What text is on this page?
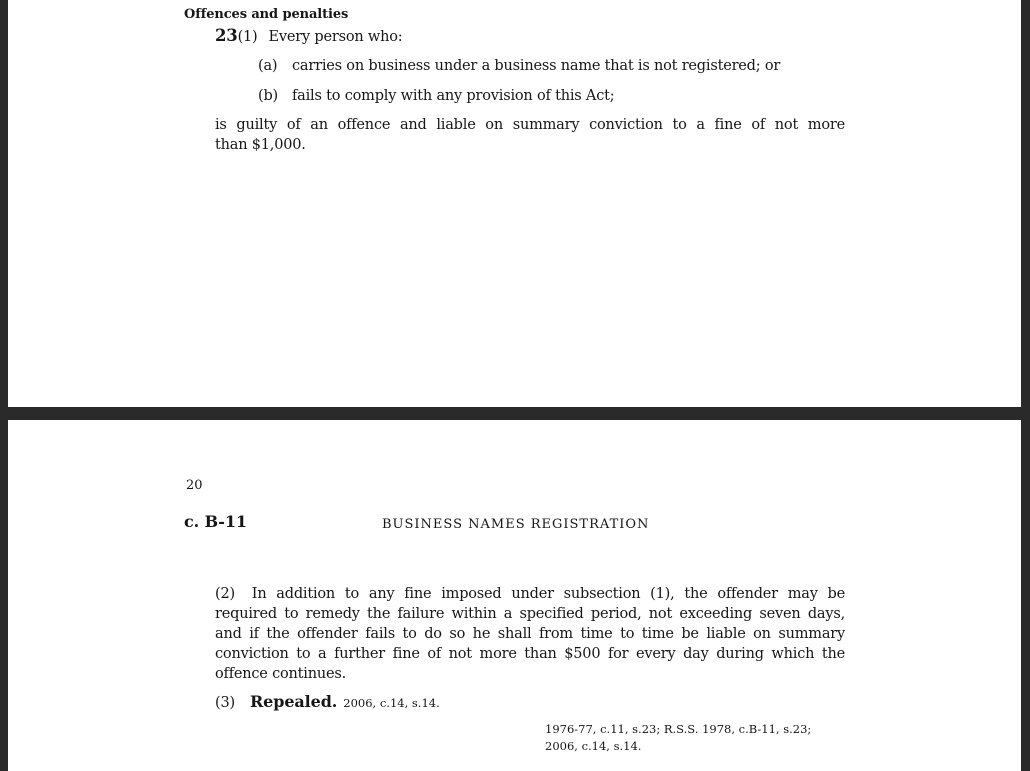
Offences and penalties
23(1) Every person who:
(a) carries on business under a business name that is not registered; or
(b) fails to comply with any provision of this Act;
is guilty of an offence and liable on summary conviction to a fine of not more
than $1,000.
20
c. B-11	BUSINESS NAMES REGISTRATION
(2)  In addition to any fine imposed under subsection (1), the offender may be
required to remedy the failure within a specified period, not exceeding seven days,
and if the offender fails to do so he shall from time to time be liable on summary
conviction to a further fine of not more than $500 for every day during which the
offence continues.
(3) Repealed. 2006, c.14, s.14.
1976-77, c.11, s.23; R.S.S. 1978, c.B-11, s.23;
2006, c.14, s.14.
